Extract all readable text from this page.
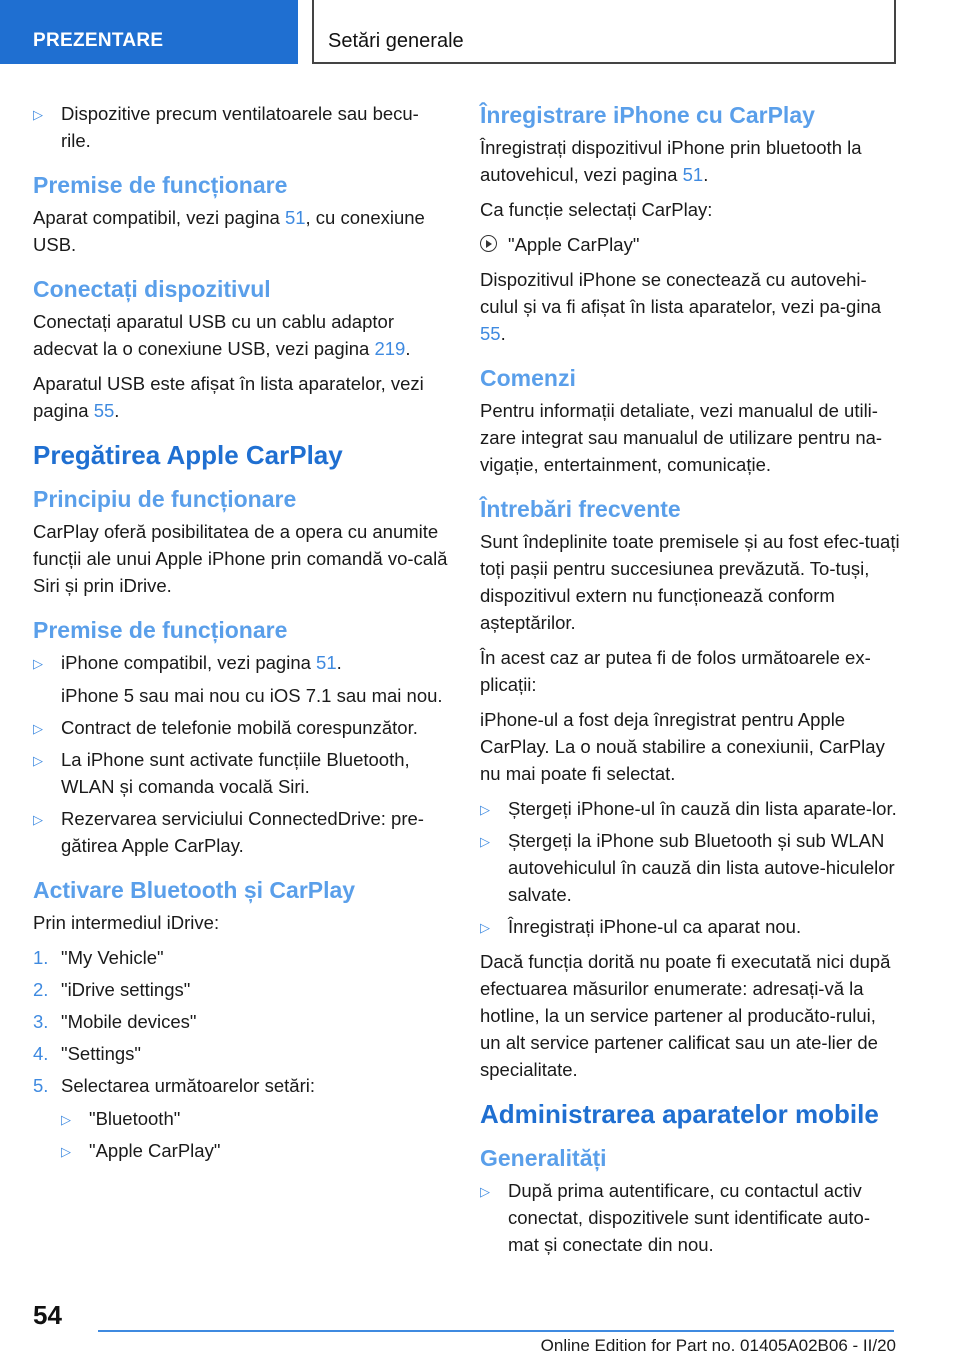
PREZENTARE	Setări generale
▷ Dispozitive precum ventilatoarele sau becu-rile.
Premise de funcționare

Aparat compatibil, vezi pagina 51, cu conexiune USB.

Conectați dispozitivul

Conectați aparatul USB cu un cablu adaptor adecvat la o conexiune USB, vezi pagina 219.

Aparatul USB este afișat în lista aparatelor, vezi pagina 55.

Pregătirea Apple CarPlay
Principiu de funcționare

CarPlay oferă posibilitatea de a opera cu anumite funcții ale unui Apple iPhone prin comandă vo-cală Siri și prin iDrive.

Premise de funcționare
▷ iPhone compatibil, vezi pagina 51.
iPhone 5 sau mai nou cu iOS 7.1 sau mai nou.
▷ Contract de telefonie mobilă corespunzător.
▷ La iPhone sunt activate funcțiile Bluetooth, WLAN și comanda vocală Siri.
▷ Rezervarea serviciului ConnectedDrive: pre-gătirea Apple CarPlay.
Activare Bluetooth și CarPlay

Prin intermediul iDrive:

1. "My Vehicle"
2. "iDrive settings"
3. "Mobile devices"
4. "Settings"
5. Selectarea următoarelor setări:
▷ "Bluetooth"
▷ "Apple CarPlay"
Înregistrare iPhone cu CarPlay

Înregistrați dispozitivul iPhone prin bluetooth la autovehicul, vezi pagina 51.

Ca funcție selectați CarPlay:

"Apple CarPlay"

Dispozitivul iPhone se conectează cu autovehi-culul și va fi afișat în lista aparatelor, vezi pa-gina 55.

Comenzi

Pentru informații detaliate, vezi manualul de utili-zare integrat sau manualul de utilizare pentru na-vigație, entertainment, comunicație.

Întrebări frecvente

Sunt îndeplinite toate premisele și au fost efec-tuați toți pașii pentru succesiunea prevăzută. To-tuși, dispozitivul extern nu funcționează conform așteptărilor.

În acest caz ar putea fi de folos următoarele ex-plicații:

iPhone-ul a fost deja înregistrat pentru Apple CarPlay. La o nouă stabilire a conexiunii, CarPlay nu mai poate fi selectat.

▷ Ștergeți iPhone-ul în cauză din lista aparate-lor.
▷ Ștergeți la iPhone sub Bluetooth și sub WLAN autovehiculul în cauză din lista autove-hiculelor salvate.
▷ Înregistrați iPhone-ul ca aparat nou.

Dacă funcția dorită nu poate fi executată nici după efectuarea măsurilor enumerate: adresați-vă la hotline, la un service partener al producăto-rului, un alt service partener calificat sau un ate-lier de specialitate.

Administrarea aparatelor mobile
Generalități
▷ După prima autentificare, cu contactul activ conectat, dispozitivele sunt identificate auto-mat și conectate din nou.
54
Online Edition for Part no. 01405A02B06 - II/20
